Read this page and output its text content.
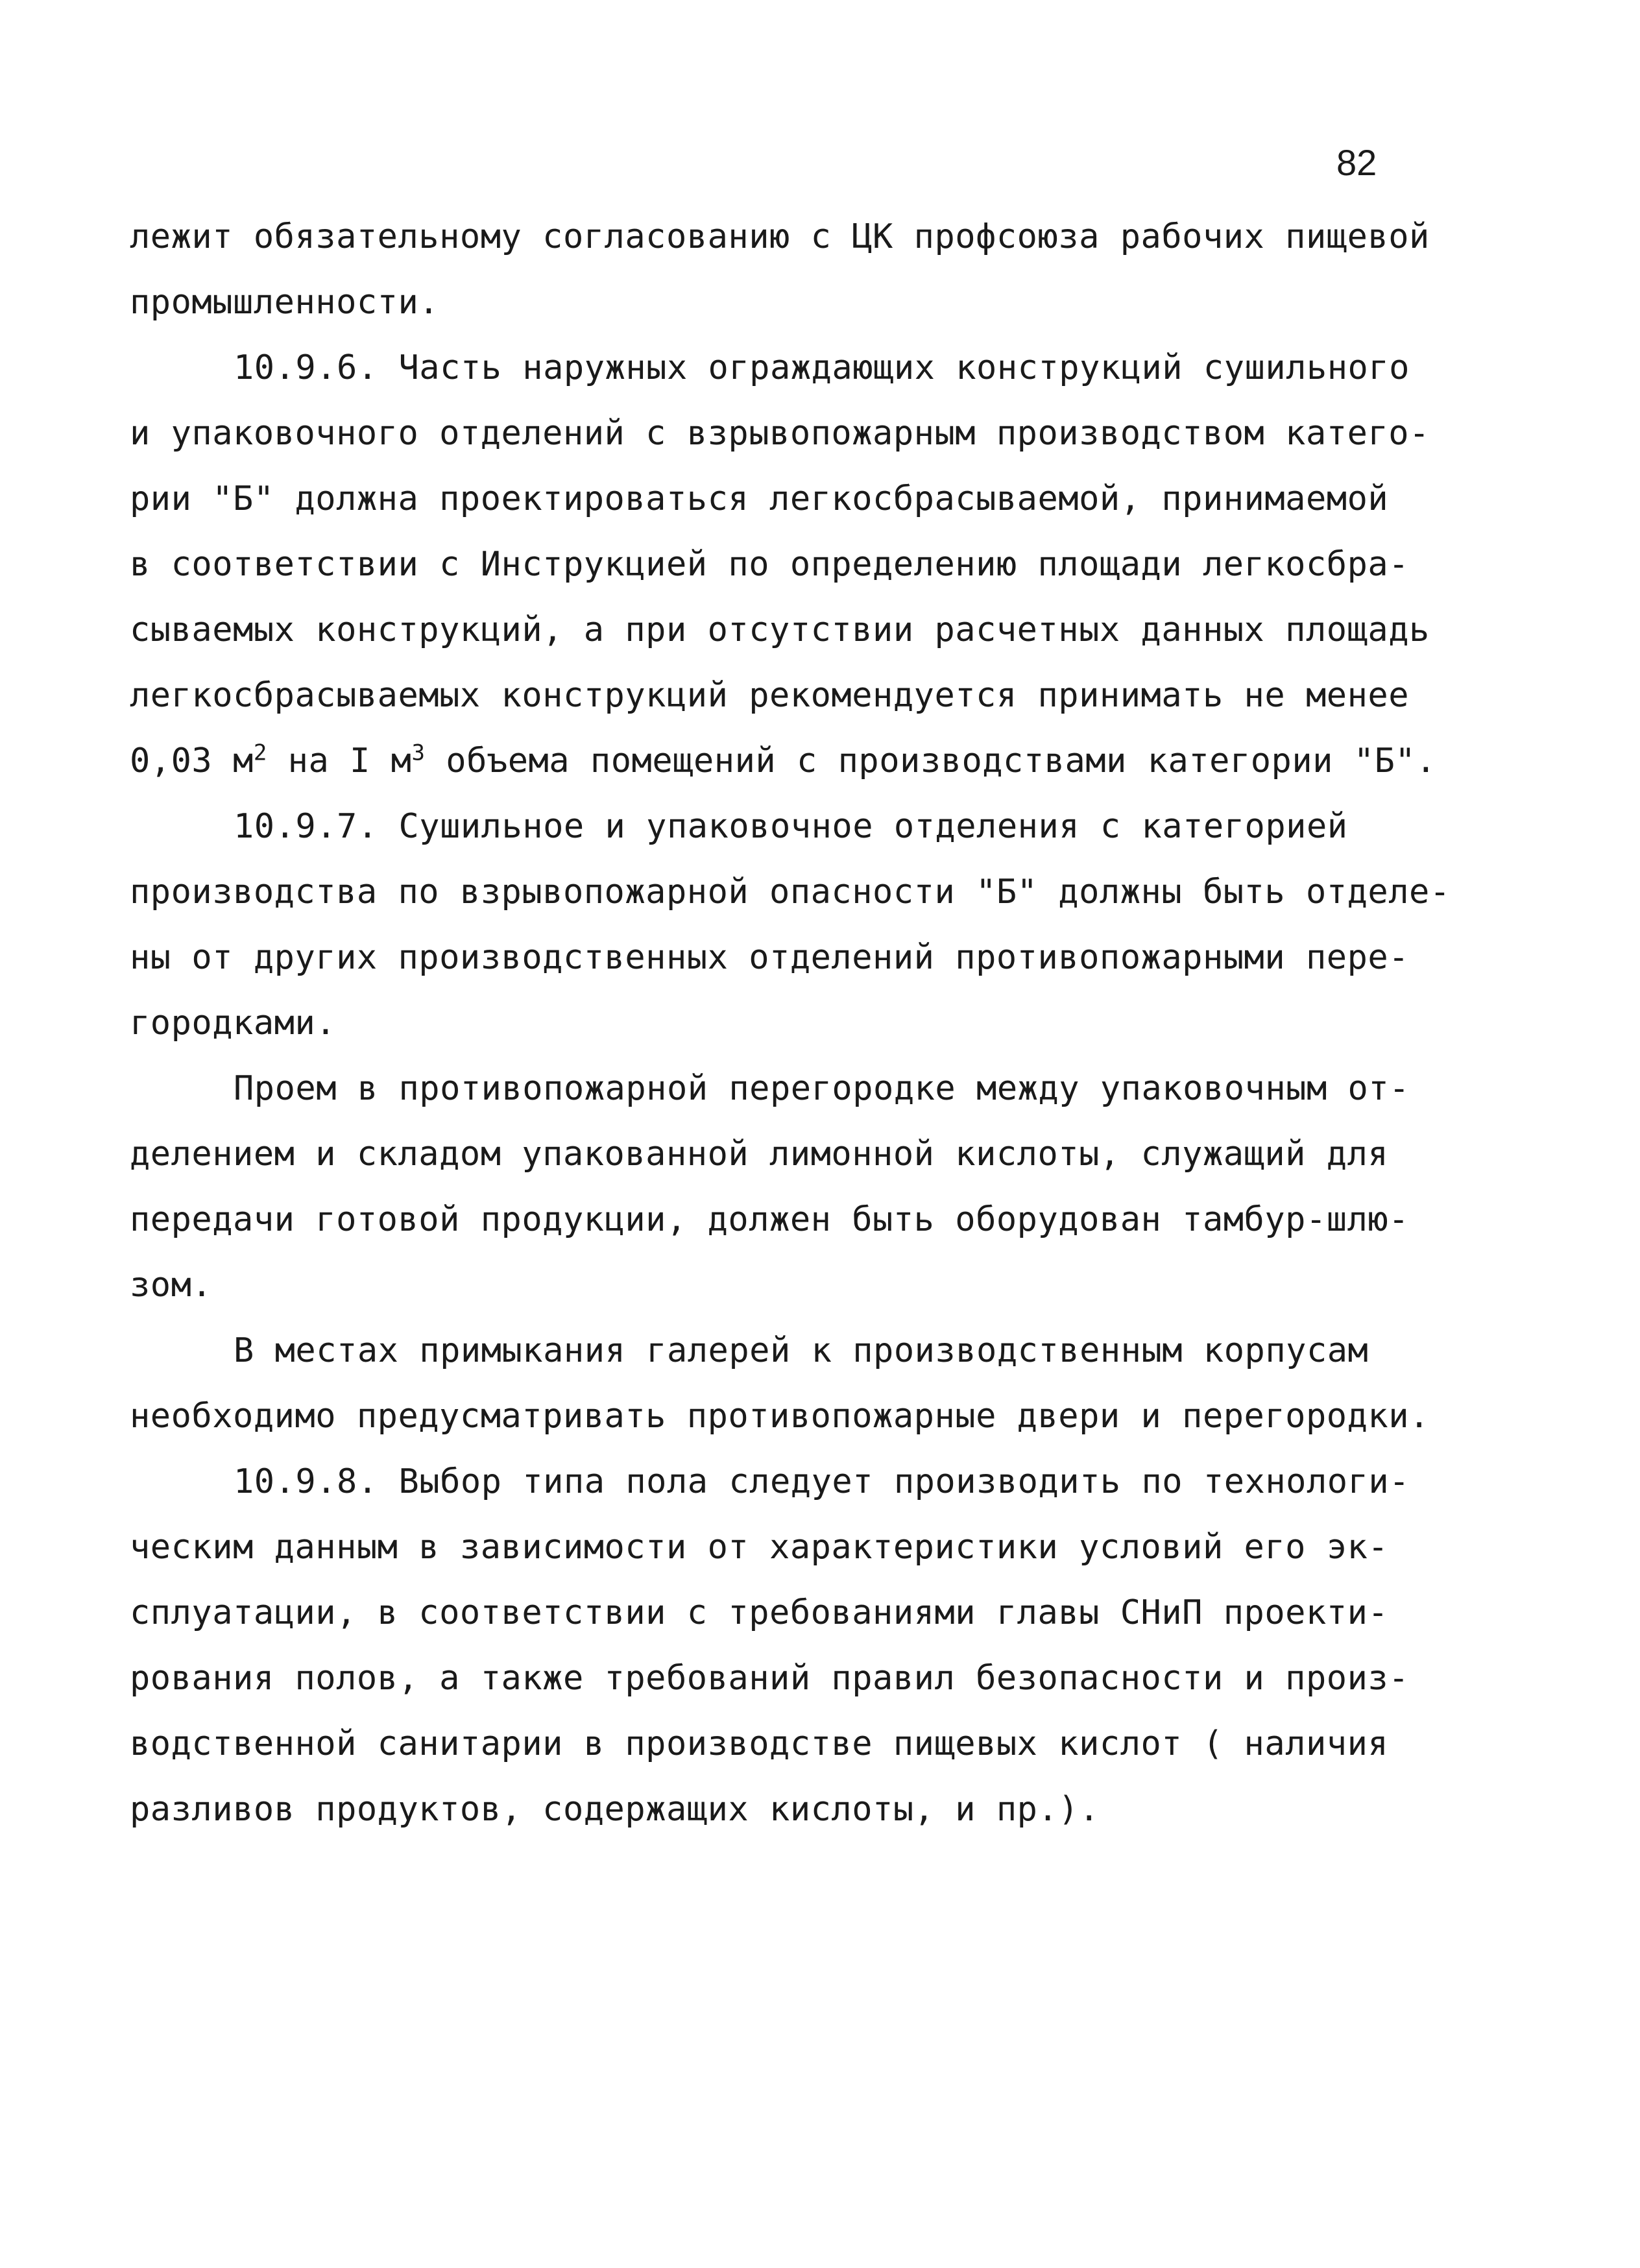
82
лежит обязательному согласованию с ЦК профсоюза рабочих пищевой
промышленности.
10.9.6. Часть наружных ограждающих конструкций сушильного
и упаковочного отделений с взрывопожарным производством катего-
рии "Б" должна проектироваться легкосбрасываемой, принимаемой
в соответствии с Инструкцией по определению площади легкосбра-
сываемых конструкций, а при отсутствии расчетных данных площадь
легкосбрасываемых конструкций рекомендуется принимать не менее
0,03 $м^2$ на I $м^3$ объема помещений с производствами категории "Б".
10.9.7. Сушильное и упаковочное отделения с категорией
производства по взрывопожарной опасности "Б" должны быть отделе-
ны от других производственных отделений противопожарными пере-
городками.
Проем в противопожарной перегородке между упаковочным от-
делением и складом упакованной лимонной кислоты, служащий для
передачи готовой продукции, должен быть оборудован тамбур-шлю-
зом.
В местах примыкания галерей к производственным корпусам
необходимо предусматривать противопожарные двери и перегородки.
10.9.8. Выбор типа пола следует производить по технологи-
ческим данным в зависимости от характеристики условий его эк-
сплуатации, в соответствии с требованиями главы СНиП проекти-
рования полов, а также требований правил безопасности и произ-
водственной санитарии в производстве пищевых кислот ( наличия
разливов продуктов, содержащих кислоты, и пр.).
